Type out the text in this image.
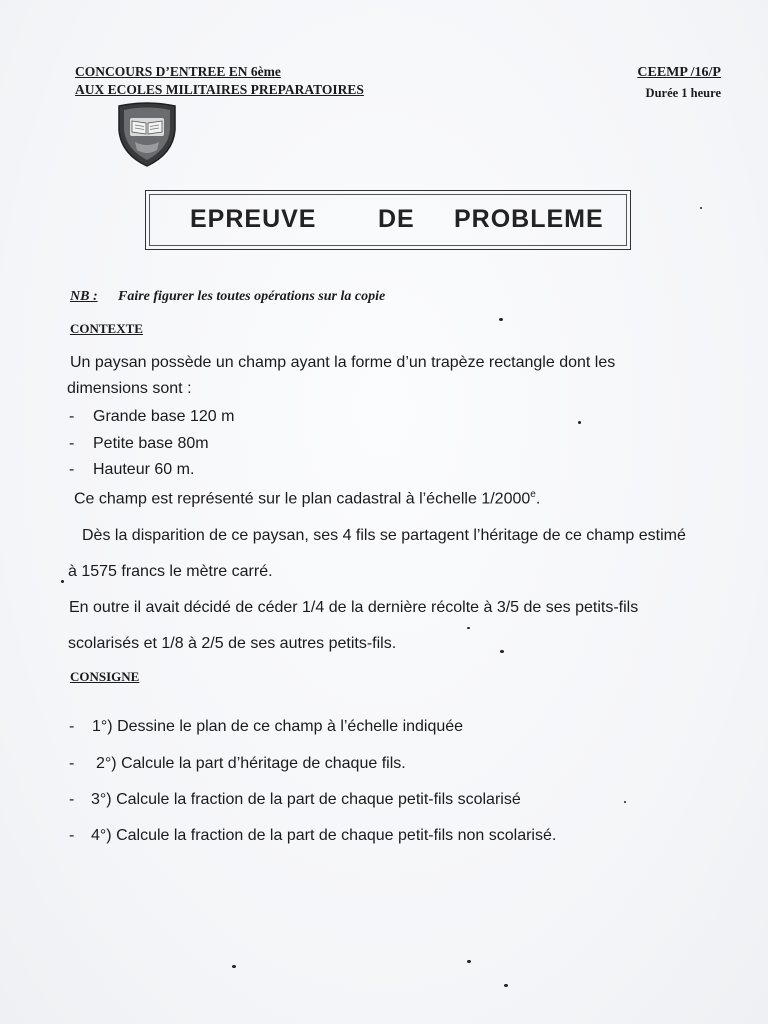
CONCOURS D’ENTREE EN 6ème
AUX ECOLES MILITAIRES PREPARATOIRES
CEEMP /16/P
Durée 1 heure
EPREUVE DE PROBLEME
NB : Faire figurer les toutes opérations sur la copie
CONTEXTE
Un paysan possède un champ ayant la forme d’un trapèze rectangle dont les
dimensions sont :
- Grande base 120 m
- Petite base 80m
- Hauteur 60 m.
Ce champ est représenté sur le plan cadastral à l’échelle 1/2000e.
Dès la disparition de ce paysan, ses 4 fils se partagent l’héritage de ce champ estimé
à 1575 francs le mètre carré.
En outre il avait décidé de céder 1/4 de la dernière récolte à 3/5 de ses petits-fils
scolarisés et 1/8 à 2/5 de ses autres petits-fils.
CONSIGNE
- 1°) Dessine le plan de ce champ à l’échelle indiquée
- 2°) Calcule la part d’héritage de chaque fils.
- 3°) Calcule la fraction de la part de chaque petit-fils scolarisé
- 4°) Calcule la fraction de la part de chaque petit-fils non scolarisé.
